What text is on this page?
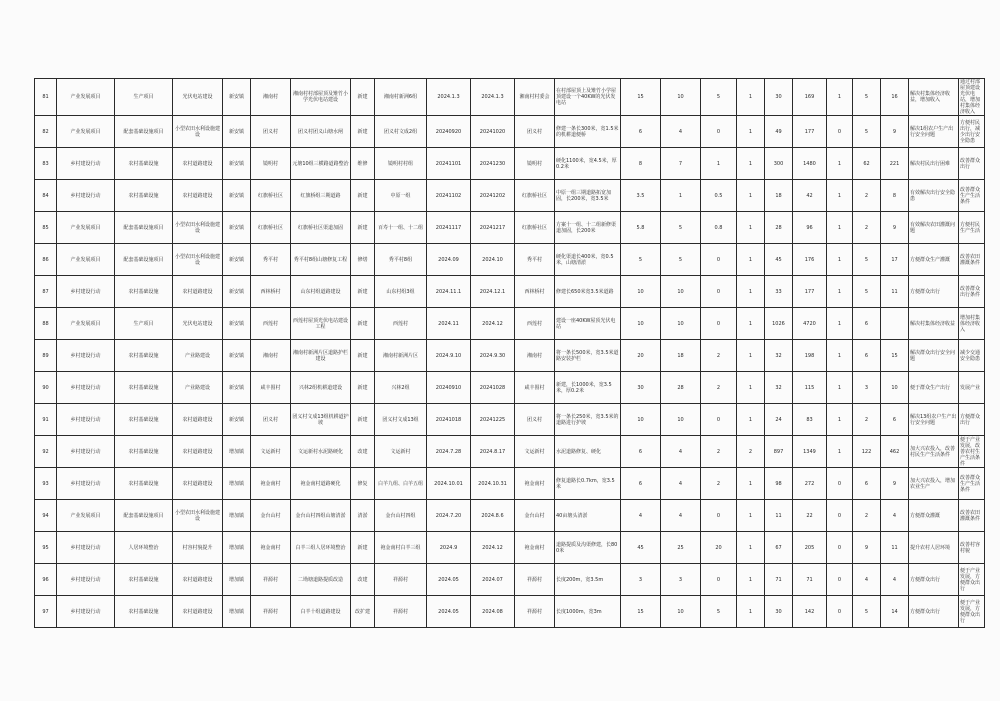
81	产业发展项目	生产项目	光伏电站建设	新安镇	湘南村	湘南村村部屋顶及雉竹小学光伏电站建设	新建	湘南村新洲6组	2024.1.3	2024.1.3	湘南村村委会	在村部屋顶上及雉竹小学屋顶建设一个40KW的光伏发电站	15	10	5	1	30	169	1	5	16	解决村集体经济收益，增加收入	通过村部屋顶建设光伏电站，增加村集体经济收入
82	产业发展项目	配套基础设施项目	小型农田水利设施建设	新安镇	团义村	团义村团义山塘水闸	新建	团义村文成2组	20240920	20241020	团义村	修建一条长300米，宽1.5米的机耕道便桥	6	4	0	1	49	177	0	5	9	解决1组农户生产出行安全问题	方便村民出行，减少出行安全隐患
83	乡村建设行动	农村基础设施	农村道路建设	新安镇	镜明村	元塘10组三横路道路整治	维修	镜明村村组	20241101	20241230	镜明村	硬化1100米，宽4.5米，厚0.2米	8	7	1	1	300	1480	1	62	221	解决村民出行困难	改善群众出行
84	乡村建设行动	农村基础设施	农村道路建设	新安镇	红旗桥社区	红旗桥组三期道路	新建	中原一组	20241102	20241202	红旗桥社区	中原一组三期道路拓宽加固，长200米，宽3.5米	3.5	1	0.5	1	18	42	1	2	8	有效解决出行安全隐患	改善群众生产生活条件
85	产业发展项目	配套基础设施项目	小型农田水利设施建设	新安镇	红旗桥社区	红旗桥社区渠道加固	新建	百寿十一组、十二组	20241117	20241217	红旗桥社区	方案十一组、十二组新修渠道加固，长200米	5.8	5	0.8	1	28	96	1	2	9	有效解决农田灌溉问题	方便村民生产生活
86	产业发展项目	配套基础设施项目	小型农田水利设施建设	新安镇	秀平村	秀平村8组山塘修复工程	修缮	秀平村8组	2024.09	2024.10	秀平村	硬化渠道长400米，宽0.5米，山塘清淤	5	5	0	1	45	176	1	5	17	方便群众生产灌溉	改善农田灌溉条件
87	乡村建设行动	农村基础设施	农村道路建设	新安镇	西林桥村	山东村组道路建设	新建	山东村组3组	2024.11.1	2024.12.1	西林桥村	修建长650米宽3.5米道路	10	10	0	1	33	177	1	5	11	方便群众出行	改善群众出行条件
88	产业发展项目	生产项目	光伏电站建设	新安镇	西莲村	西莲村屋顶光伏电站建设工程	新建	西莲村	2024.11	2024.12	西莲村	建设一座40KW屋顶光伏电站	10	10	0	1	1026	4720	1	6		解决村集体经济收益	增加村集体经济收入
89	乡村建设行动	农村基础设施	产业路建设	新安镇	湘南村	湘南村新洲片区道路护栏建设	新建	湘南村新洲片区	2024.9.10	2024.9.30	湘南村	将一条长500米，宽3.5米道路安装护栏	20	18	2	1	32	198	1	6	15	解决群众出行安全问题	减少交通安全隐患
90	乡村建设行动	农村基础设施	产业路建设	新安镇	咸丰围村	兴林2组机耕道建设	新建	兴林2组	20240910	20241028	咸丰围村	新建，长1000米，宽3.5米，厚0.2米	30	28	2	1	32	115	1	3	10	便于群众生产出行	发展产业
91	乡村建设行动	农村基础设施	农村道路建设	新安镇	团义村	团义村文成13组机耕道护坡	新建	团义村文成13组	20241018	20241225	团义村	将一条长250米，宽3.5米的道路进行护坡	10	10	0	1	24	83	1	2	6	解决13组农户生产出行安全问题	方便群众出行
92	乡村建设行动	农村基础设施	农村道路建设	增加镇	文运新村	文运新村水泥路硬化	改建	文运新村	2024.7.28	2024.8.17	文运新村	水泥道路修复、硬化	6	4	2	2	897	1349	1	122	462	加大兴农投入，改善村民生产生活条件	便于产业发展，改善农村生产生活条件
93	乡村建设行动	农村基础设施	农村道路建设	增加镇	袍金南村	袍金南村道路硬化	修复	白羊九组、白羊五组	2024.10.01	2024.10.31	袍金南村	修复道路长0.7km，宽3.5米	6	4	2	1	98	272	0	6	9	加大兴农投入，增加农业生产	改善群众生产生活条件
94	产业发展项目	配套基础设施项目	小型农田水利设施建设	增加镇	金台山村	金台山村四组山塘清淤	清淤	金台山村四组	2024.7.20	2024.8.6	金台山村	40亩塘头清淤	4	4	0	1	11	22	0	2	4	方便群众灌溉	改善农田灌溉条件
95	乡村建设行动	人居环境整治	村容村貌提升	增加镇	袍金南村	白羊三组人居环境整治	新建	袍金南村白羊三组	2024.9	2024.12	袍金南村	道路提质及沟渠修建，长800米	45	25	20	1	67	205	0	9	11	提升农村人居环境	改善村容村貌
96	乡村建设行动	农村基础设施	农村道路建设	增加镇	祥源村	二坳塘道路提质改造	改建	祥源村	2024.05	2024.07	祥源村	长度200m，宽3.5m	3	3	0	1	71	71	0	4	4	方便群众出行	便于产业发展，方便群众出行
97	乡村建设行动	农村基础设施	农村道路建设	增加镇	祥源村	白羊十组道路建设	改扩建	祥源村	2024.05	2024.08	祥源村	长度1000m，宽3m	15	10	5	1	30	142	0	5	14	方便群众出行	便于产业发展，方便群众出行
